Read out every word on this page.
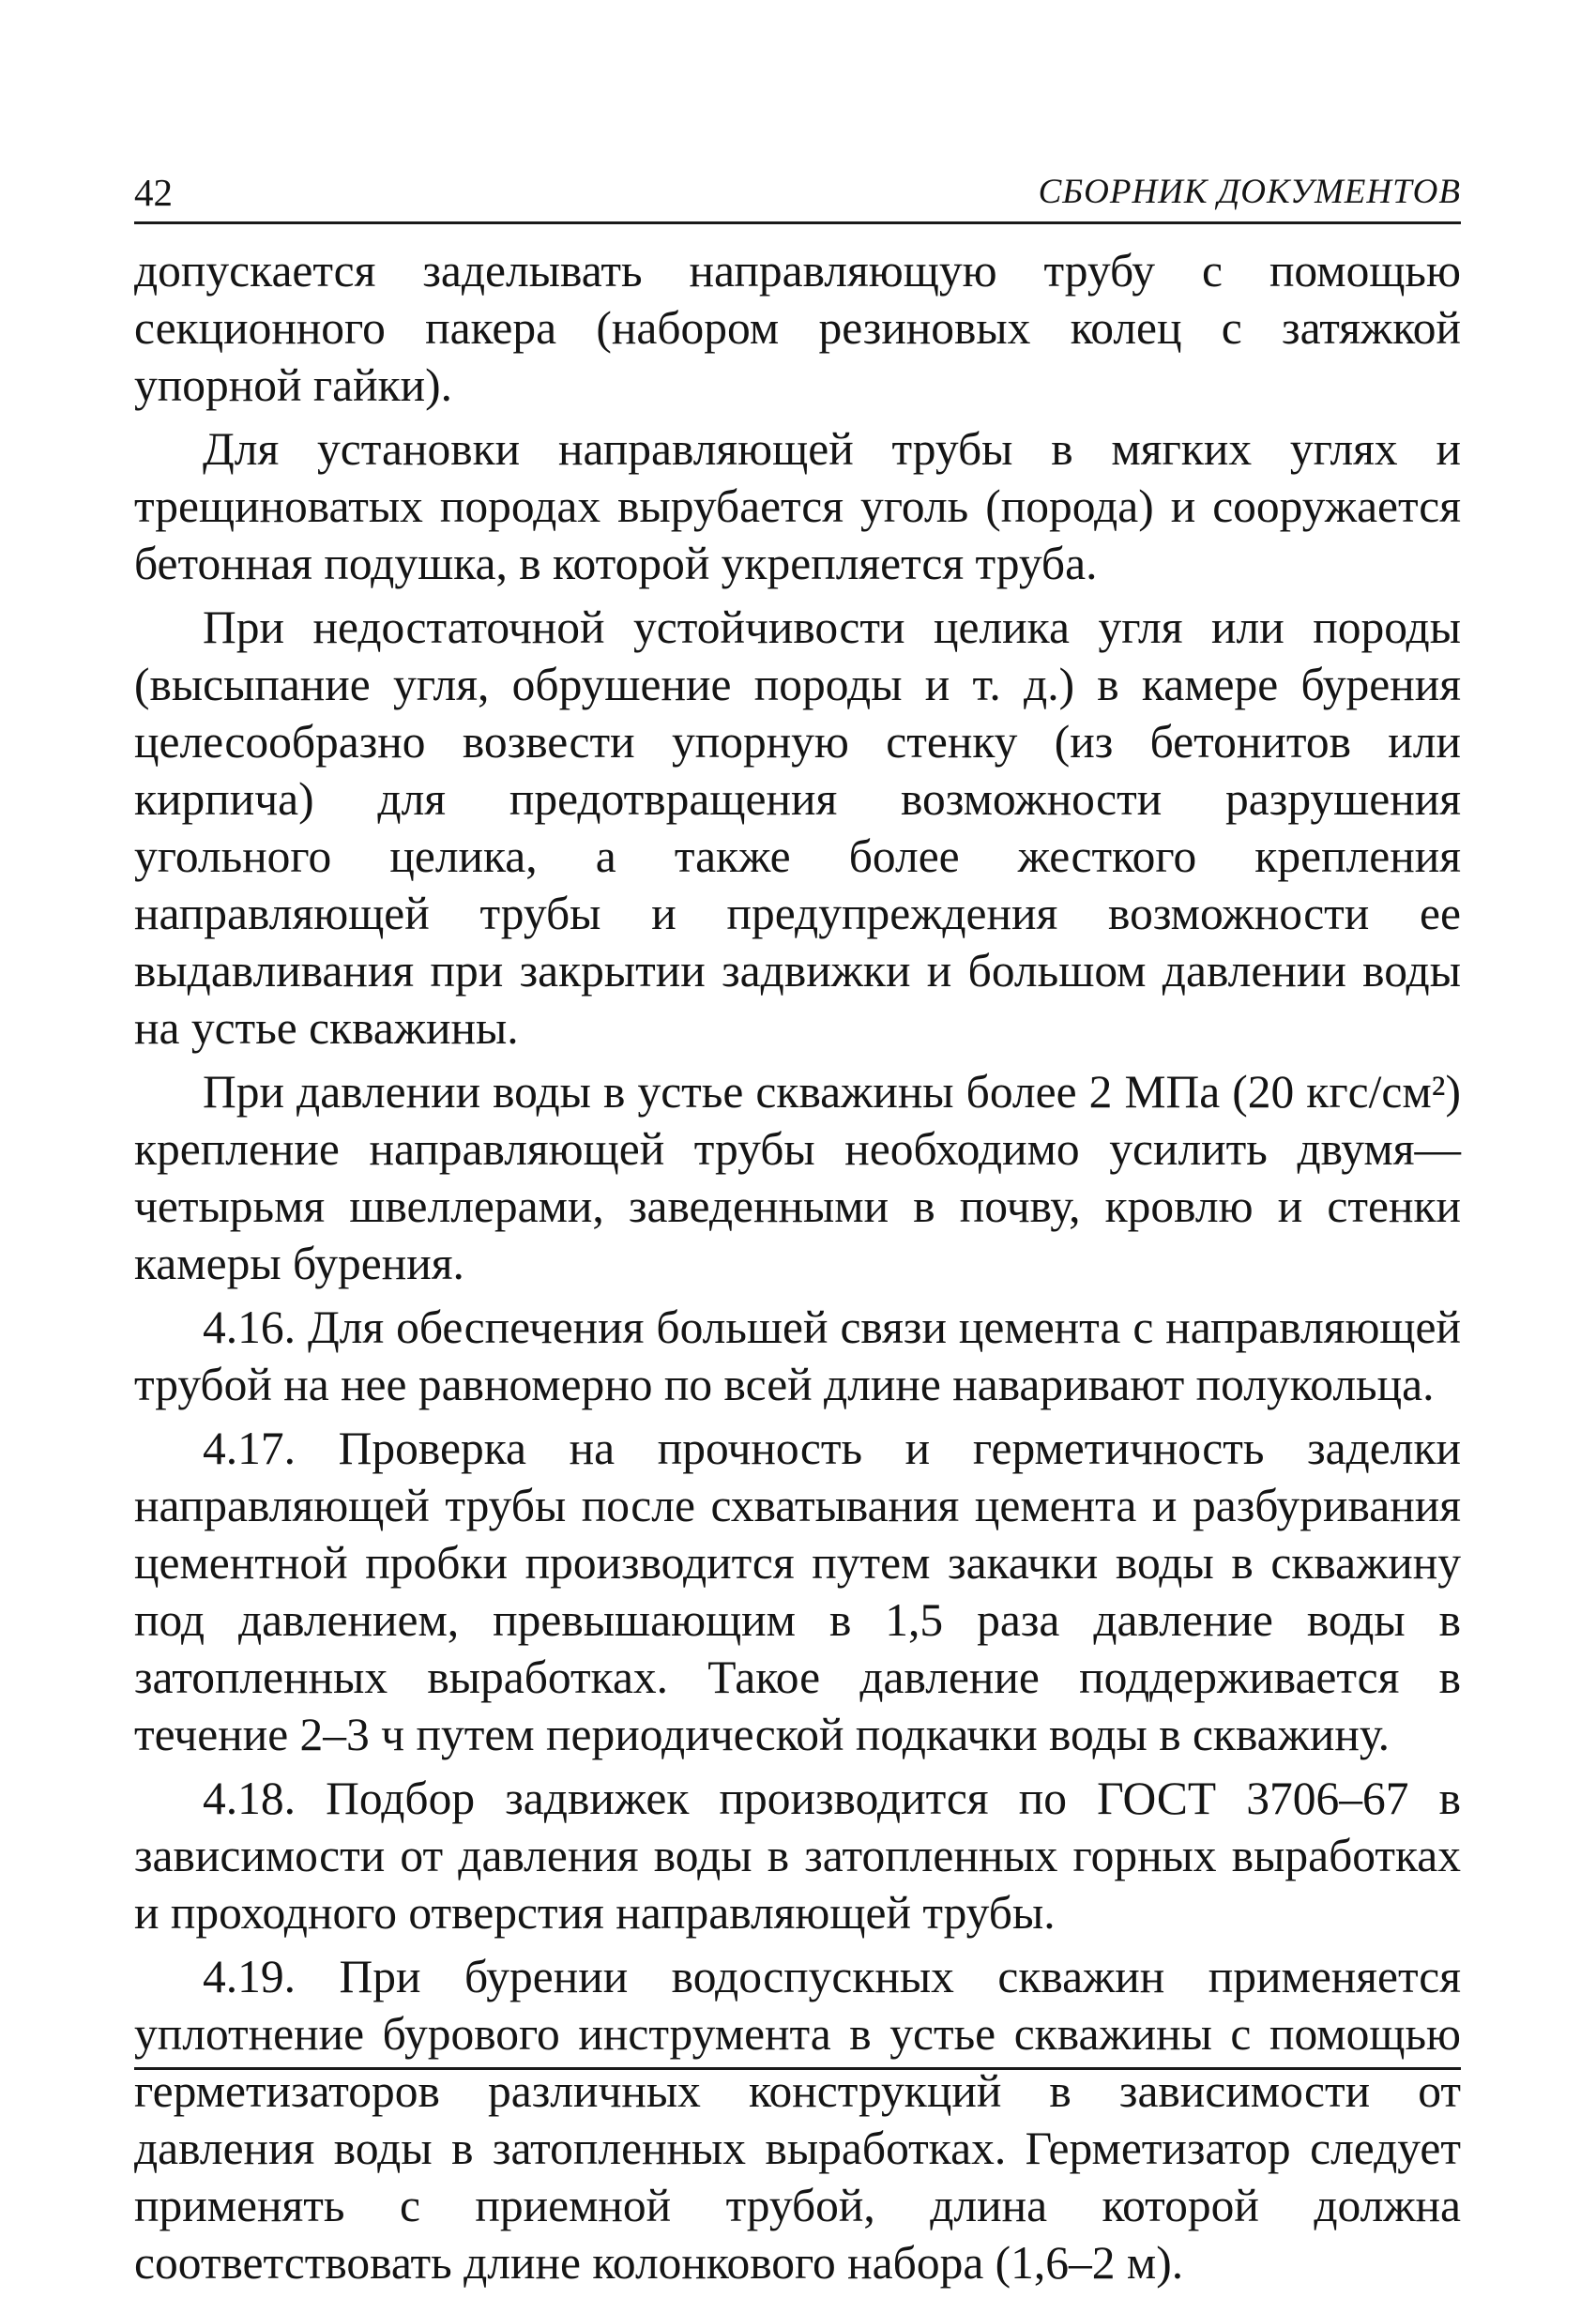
42	СБОРНИК ДОКУМЕНТОВ

допускается заделывать направляющую трубу с помощью секционного пакера (набором резиновых колец с затяжкой упорной гайки).

Для установки направляющей трубы в мягких углях и трещиноватых породах вырубается уголь (порода) и сооружается бетонная подушка, в которой укрепляется труба.

При недостаточной устойчивости целика угля или породы (высыпание угля, обрушение породы и т. д.) в камере бурения целесообразно возвести упорную стенку (из бетонитов или кирпича) для предотвращения возможности разрушения угольного целика, а также более жесткого крепления направляющей трубы и предупреждения возможности ее выдавливания при закрытии задвижки и большом давлении воды на устье скважины.

При давлении воды в устье скважины более 2 МПа (20 кгс/см²) крепление направляющей трубы необходимо усилить двумя—четырьмя швеллерами, заведенными в почву, кровлю и стенки камеры бурения.

4.16. Для обеспечения большей связи цемента с направляющей трубой на нее равномерно по всей длине наваривают полукольца.

4.17. Проверка на прочность и герметичность заделки направляющей трубы после схватывания цемента и разбуривания цементной пробки производится путем закачки воды в скважину под давлением, превышающим в 1,5 раза давление воды в затопленных выработках. Такое давление поддерживается в течение 2–3 ч путем периодической подкачки воды в скважину.

4.18. Подбор задвижек производится по ГОСТ 3706–67 в зависимости от давления воды в затопленных горных выработках и проходного отверстия направляющей трубы.

4.19. При бурении водоспускных скважин применяется уплотнение бурового инструмента в устье скважины с помощью герметизаторов различных конструкций в зависимости от давления воды в затопленных выработках. Герметизатор следует применять с приемной трубой, длина которой должна соответствовать длине колонкового набора (1,6–2 м).
